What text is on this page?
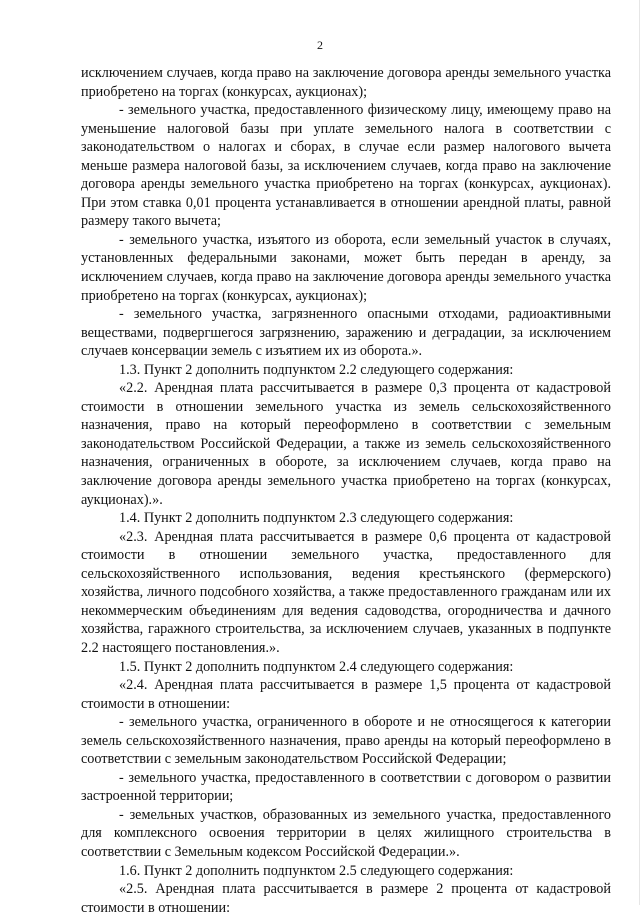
2

исключением случаев, когда право на заключение договора аренды земельного участка приобретено на торгах (конкурсах, аукционах);

- земельного участка, предоставленного физическому лицу, имеющему право на уменьшение налоговой базы при уплате земельного налога в соответствии с законодательством о налогах и сборах, в случае если размер налогового вычета меньше размера налоговой базы, за исключением случаев, когда право на заключение договора аренды земельного участка приобретено на торгах (конкурсах, аукционах). При этом ставка 0,01 процента устанавливается в отношении арендной платы, равной размеру такого вычета;

- земельного участка, изъятого из оборота, если земельный участок в случаях, установленных федеральными законами, может быть передан в аренду, за исключением случаев, когда право на заключение договора аренды земельного участка приобретено на торгах (конкурсах, аукционах);

- земельного участка, загрязненного опасными отходами, радиоактивными веществами, подвергшегося загрязнению, заражению и деградации, за исключением случаев консервации земель с изъятием их из оборота.».

1.3. Пункт 2 дополнить подпунктом 2.2 следующего содержания:

«2.2. Арендная плата рассчитывается в размере 0,3 процента от кадастровой стоимости в отношении земельного участка из земель сельскохозяйственного назначения, право на который переоформлено в соответствии с земельным законодательством Российской Федерации, а также из земель сельскохозяйственного назначения, ограниченных в обороте, за исключением случаев, когда право на заключение договора аренды земельного участка приобретено на торгах (конкурсах, аукционах).».

1.4. Пункт 2 дополнить подпунктом 2.3 следующего содержания:

«2.3. Арендная плата рассчитывается в размере 0,6 процента от кадастровой стоимости в отношении земельного участка, предоставленного для сельскохозяйственного использования, ведения крестьянского (фермерского) хозяйства, личного подсобного хозяйства, а также предоставленного гражданам или их некоммерческим объединениям для ведения садоводства, огородничества и дачного хозяйства, гаражного строительства, за исключением случаев, указанных в подпункте 2.2 настоящего постановления.».

1.5. Пункт 2 дополнить подпунктом 2.4 следующего содержания:

«2.4. Арендная плата рассчитывается в размере 1,5 процента от кадастровой стоимости в отношении:

- земельного участка, ограниченного в обороте и не относящегося к категории земель сельскохозяйственного назначения, право аренды на который переоформлено в соответствии с земельным законодательством Российской Федерации;

- земельного участка, предоставленного в соответствии с договором о развитии застроенной территории;

- земельных участков, образованных из земельного участка, предоставленного для комплексного освоения территории в целях жилищного строительства в соответствии с Земельным кодексом Российской Федерации.».

1.6. Пункт 2 дополнить подпунктом 2.5 следующего содержания:

«2.5. Арендная плата рассчитывается в размере 2 процента от кадастровой стоимости в отношении:
